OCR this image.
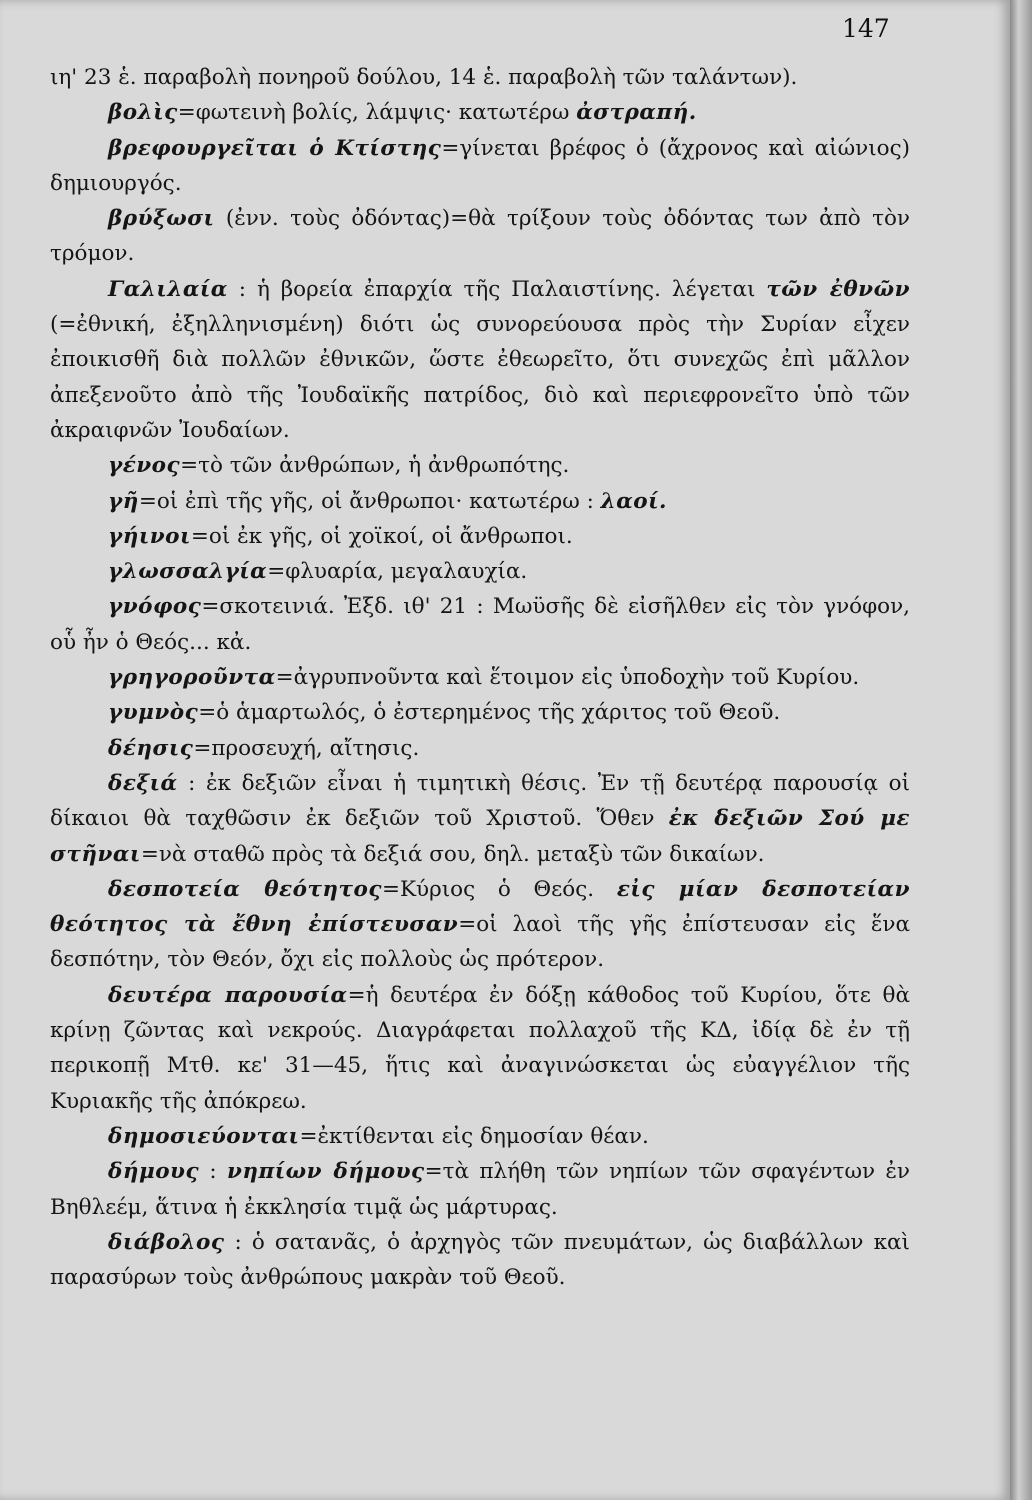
147

ιη' 23 ἑ. παραβολὴ πονηροῦ δούλου, 14 ἑ. παραβολὴ τῶν ταλάντων).

βολὶς=φωτεινὴ βολίς, λάμψις· κατωτέρω ἀστραπή.

βρεφουργεῖται ὁ Κτίστης=γίνεται βρέφος ὁ (ἄχρονος καὶ αἰώνιος) δημιουργός.

βρύξωσι (ἐνν. τοὺς ὀδόντας)=θὰ τρίξουν τοὺς ὀδόντας των ἀπὸ τὸν τρόμον.

Γαλιλαία : ἡ βορεία ἐπαρχία τῆς Παλαιστίνης. λέγεται τῶν ἐθνῶν (=ἐθνική, ἐξηλληνισμένη) διότι ὡς συνορεύουσα πρὸς τὴν Συρίαν εἶχεν ἐποικισθῆ διὰ πολλῶν ἐθνικῶν, ὥστε ἐθεωρεῖτο, ὅτι συνεχῶς ἐπὶ μᾶλλον ἀπεξενοῦτο ἀπὸ τῆς Ἰουδαϊκῆς πατρίδος, διὸ καὶ περιεφρονεῖτο ὑπὸ τῶν ἀκραιφνῶν Ἰουδαίων.

γένος=τὸ τῶν ἀνθρώπων, ἡ ἀνθρωπότης.

γῆ=οἱ ἐπὶ τῆς γῆς, οἱ ἄνθρωποι· κατωτέρω : λαοί.

γήινοι=οἱ ἐκ γῆς, οἱ χοϊκοί, οἱ ἄνθρωποι.

γλωσσαλγία=φλυαρία, μεγαλαυχία.

γνόφος=σκοτεινιά. Ἐξδ. ιθ' 21 : Μωϋσῆς δὲ εἰσῆλθεν εἰς τὸν γνόφον, οὗ ἦν ὁ Θεός... κἀ.

γρηγοροῦντα=ἀγρυπνοῦντα καὶ ἕτοιμον εἰς ὑποδοχὴν τοῦ Κυρίου.

γυμνὸς=ὁ ἁμαρτωλός, ὁ ἐστερημένος τῆς χάριτος τοῦ Θεοῦ.

δέησις=προσευχή, αἴτησις.

δεξιά : ἐκ δεξιῶν εἶναι ἡ τιμητικὴ θέσις. Ἐν τῇ δευτέρᾳ παρουσίᾳ οἱ δίκαιοι θὰ ταχθῶσιν ἐκ δεξιῶν τοῦ Χριστοῦ. Ὅθεν ἐκ δεξιῶν Σού με στῆναι=νὰ σταθῶ πρὸς τὰ δεξιά σου, δηλ. μεταξὺ τῶν δικαίων.

δεσποτεία θεότητος=Κύριος ὁ Θεός. εἰς μίαν δεσποτείαν θεότητος τὰ ἔθνη ἐπίστευσαν=οἱ λαοὶ τῆς γῆς ἐπίστευσαν εἰς ἕνα δεσπότην, τὸν Θεόν, ὄχι εἰς πολλοὺς ὡς πρότερον.

δευτέρα παρουσία=ἡ δευτέρα ἐν δόξῃ κάθοδος τοῦ Κυρίου, ὅτε θὰ κρίνῃ ζῶντας καὶ νεκρούς. Διαγράφεται πολλαχοῦ τῆς ΚΔ, ἰδίᾳ δὲ ἐν τῇ περικοπῇ Μτθ. κε' 31—45, ἥτις καὶ ἀναγινώσκεται ὡς εὐαγγέλιον τῆς Κυριακῆς τῆς ἀπόκρεω.

δημοσιεύονται=ἐκτίθενται εἰς δημοσίαν θέαν.

δήμους : νηπίων δήμους=τὰ πλήθη τῶν νηπίων τῶν σφαγέντων ἐν Βηθλεέμ, ἅτινα ἡ ἐκκλησία τιμᾷ ὡς μάρτυρας.

διάβολος : ὁ σατανᾶς, ὁ ἀρχηγὸς τῶν πνευμάτων, ὡς διαβάλλων καὶ παρασύρων τοὺς ἀνθρώπους μακρὰν τοῦ Θεοῦ.
